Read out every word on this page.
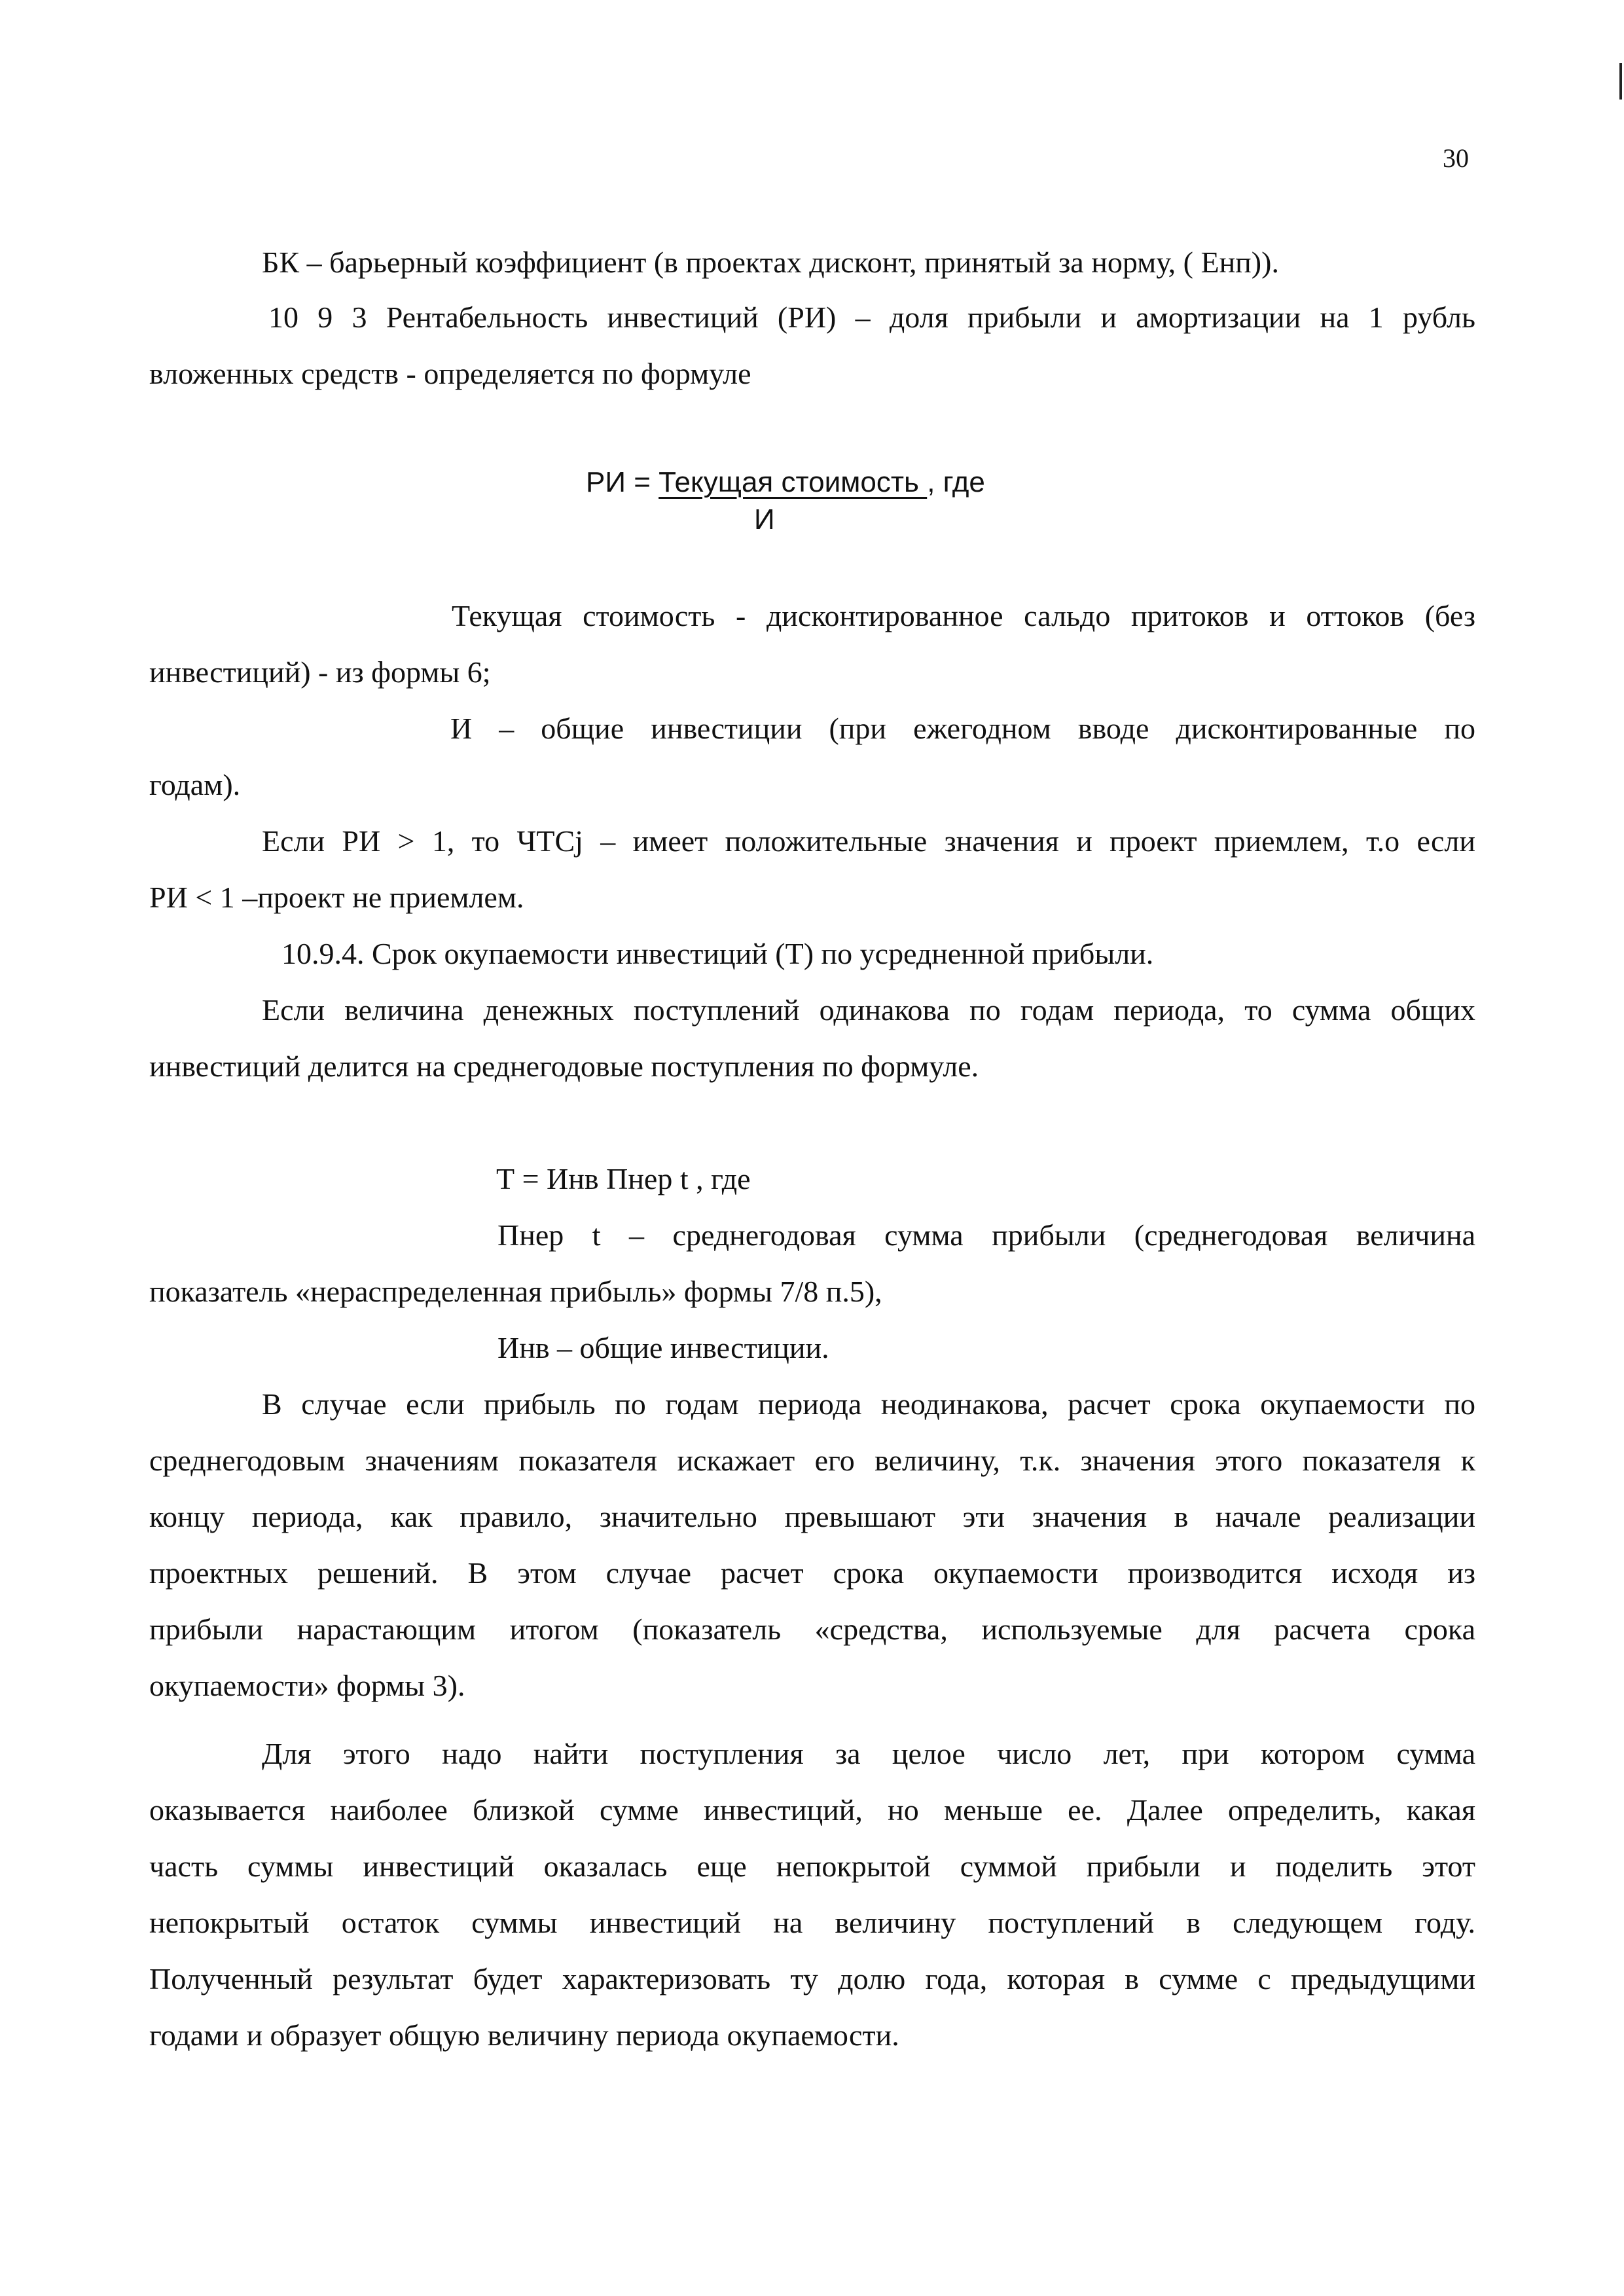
30
БК – барьерный коэффициент (в проектах дисконт, принятый за норму, ( Енп)).
10 9 3 Рентабельность инвестиций (РИ) – доля прибыли и амортизации на 1 рубль
вложенных средств - определяется по формуле
РИ = Текущая стоимость , где
И
Текущая стоимость - дисконтированное сальдо притоков и оттоков (без
инвестиций) - из формы 6;
И – общие инвестиции (при ежегодном вводе дисконтированные по
годам).
Если РИ > 1, то ЧТСj – имеет положительные значения и проект приемлем, т.о если
РИ < 1 –проект не приемлем.
10.9.4. Срок окупаемости инвестиций (Т) по усредненной прибыли.
Если величина денежных поступлений одинакова по годам периода, то сумма общих
инвестиций делится на среднегодовые поступления по формуле.
Т = Инв Пнер t , где
Пнер t – среднегодовая сумма прибыли (среднегодовая величина
показатель «нераспределенная прибыль» формы 7/8 п.5),
Инв – общие инвестиции.
В случае если прибыль по годам периода неодинакова, расчет срока окупаемости по
среднегодовым значениям показателя искажает его величину, т.к. значения этого показателя к
концу периода, как правило, значительно превышают эти значения в начале реализации
проектных решений. В этом случае расчет срока окупаемости производится исходя из
прибыли нарастающим итогом (показатель «средства, используемые для расчета срока
окупаемости» формы 3).
Для этого надо найти поступления за целое число лет, при котором сумма
оказывается наиболее близкой сумме инвестиций, но меньше ее. Далее определить, какая
часть суммы инвестиций оказалась еще непокрытой суммой прибыли и поделить этот
непокрытый остаток суммы инвестиций на величину поступлений в следующем году.
Полученный результат будет характеризовать ту долю года, которая в сумме с предыдущими
годами и образует общую величину периода окупаемости.
